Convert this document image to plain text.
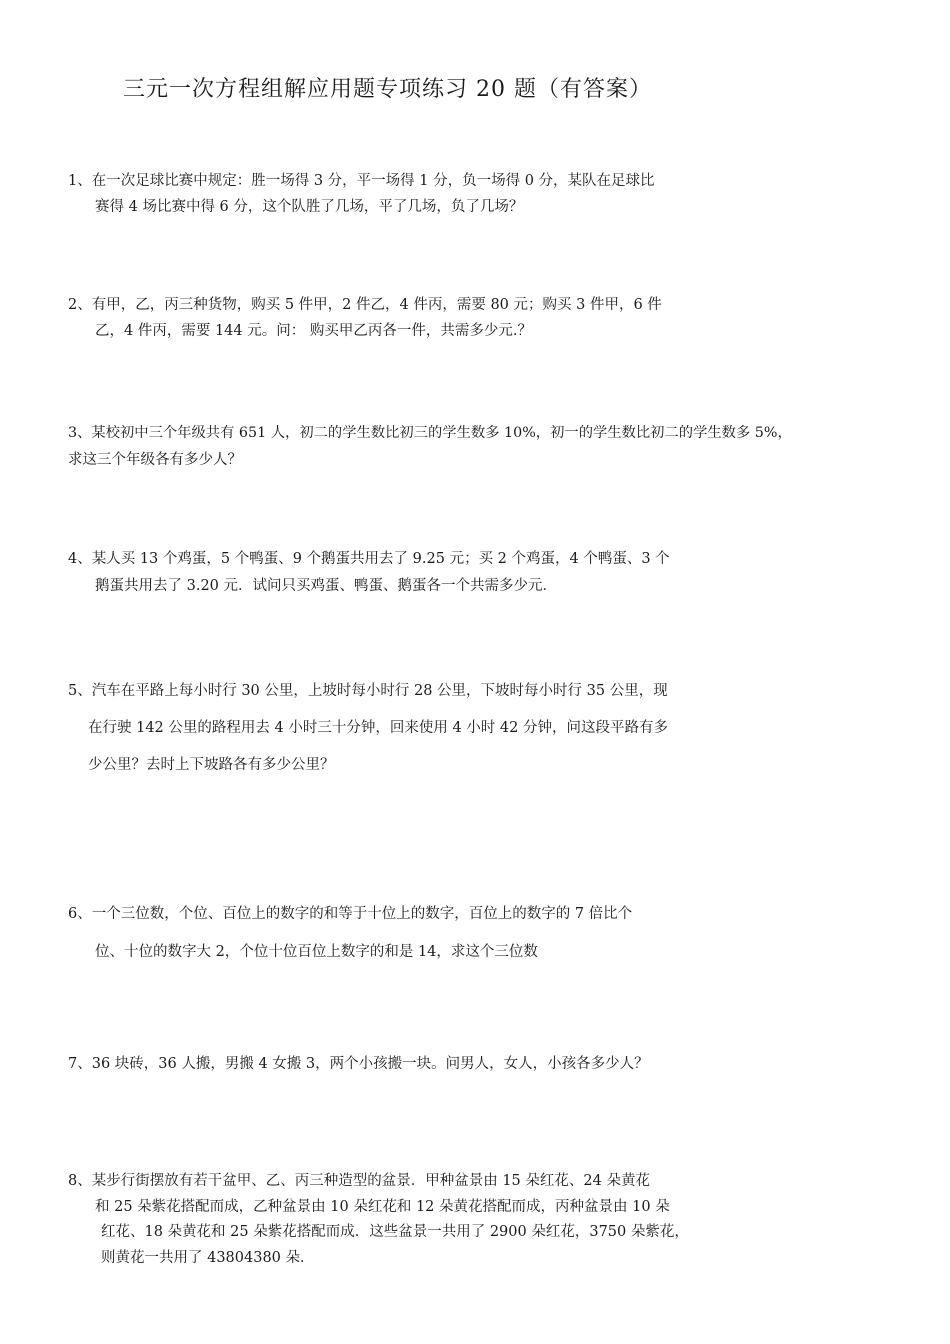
三元一次方程组解应用题专项练习 20 题（有答案）
1、在一次足球比赛中规定：胜一场得 3 分，平一场得 1 分，负一场得 0 分，某队在足球比
赛得 4 场比赛中得 6 分，这个队胜了几场，平了几场，负了几场？
2、有甲，乙，丙三种货物，购买 5 件甲，2 件乙，4 件丙，需要 80 元；购买 3 件甲，6 件
乙，4 件丙，需要 144 元。问： 购买甲乙丙各一件，共需多少元.？
3、某校初中三个年级共有 651 人，初二的学生数比初三的学生数多 10%，初一的学生数比初二的学生数多 5%，
求这三个年级各有多少人？
4、某人买 13 个鸡蛋，5 个鸭蛋、9 个鹅蛋共用去了 9.25 元；买 2 个鸡蛋，4 个鸭蛋、3 个
鹅蛋共用去了 3.20 元．试问只买鸡蛋、鸭蛋、鹅蛋各一个共需多少元．
5、汽车在平路上每小时行 30 公里，上坡时每小时行 28 公里，下坡时每小时行 35 公里，现
在行驶 142 公里的路程用去 4 小时三十分钟，回来使用 4 小时 42 分钟，问这段平路有多
少公里？去时上下坡路各有多少公里？
6、一个三位数，个位、百位上的数字的和等于十位上的数字，百位上的数字的 7 倍比个
位、十位的数字大 2，个位十位百位上数字的和是 14，求这个三位数
7、36 块砖，36 人搬，男搬 4 女搬 3，两个小孩搬一块。问男人，女人，小孩各多少人？
8、某步行街摆放有若干盆甲、乙、丙三种造型的盆景．甲种盆景由 15 朵红花、24 朵黄花
和 25 朵紫花搭配而成，乙种盆景由 10 朵红花和 12 朵黄花搭配而成，丙种盆景由 10 朵
红花、18 朵黄花和 25 朵紫花搭配而成．这些盆景一共用了 2900 朵红花，3750 朵紫花，
则黄花一共用了 43804380 朵．
